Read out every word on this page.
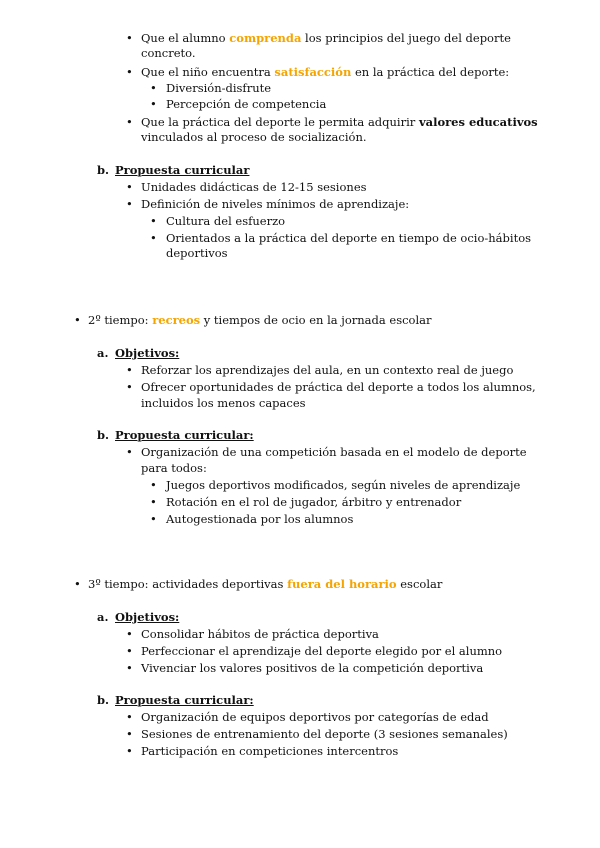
• Que el alumno comprenda los principios del juego del deporte
concreto.
• Que el niño encuentra satisfacción en la práctica del deporte:
• Diversión-disfrute
• Percepción de competencia
• Que la práctica del deporte le permita adquirir valores educativos
vinculados al proceso de socialización.
b. Propuesta curricular
• Unidades didácticas de 12-15 sesiones
• Definición de niveles mínimos de aprendizaje:
• Cultura del esfuerzo
• Orientados a la práctica del deporte en tiempo de ocio-hábitos
deportivos
• 2º tiempo: recreos y tiempos de ocio en la jornada escolar
a. Objetivos:
• Reforzar los aprendizajes del aula, en un contexto real de juego
• Ofrecer oportunidades de práctica del deporte a todos los alumnos,
incluidos los menos capaces
b. Propuesta curricular:
• Organización de una competición basada en el modelo de deporte
para todos:
• Juegos deportivos modificados, según niveles de aprendizaje
• Rotación en el rol de jugador, árbitro y entrenador
• Autogestionada por los alumnos
• 3º tiempo: actividades deportivas fuera del horario escolar
a. Objetivos:
• Consolidar hábitos de práctica deportiva
• Perfeccionar el aprendizaje del deporte elegido por el alumno
• Vivenciar los valores positivos de la competición deportiva
b. Propuesta curricular:
• Organización de equipos deportivos por categorías de edad
• Sesiones de entrenamiento del deporte (3 sesiones semanales)
• Participación en competiciones intercentros
